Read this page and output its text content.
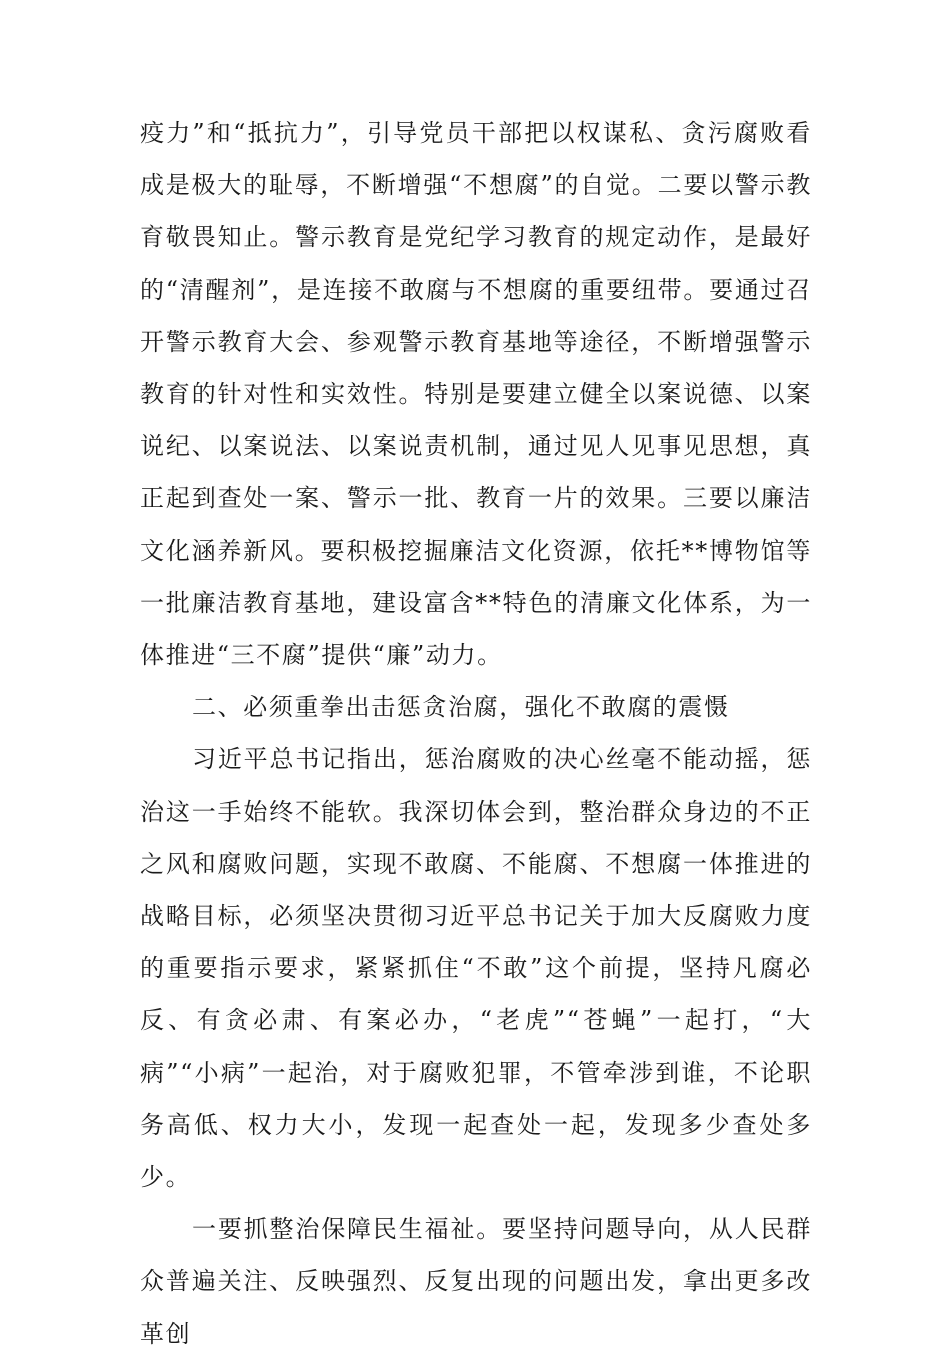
疫力”和“抵抗力”，引导党员干部把以权谋私、贪污腐败看成是极大的耻辱，不断增强“不想腐”的自觉。二要以警示教育敬畏知止。警示教育是党纪学习教育的规定动作，是最好的“清醒剂”，是连接不敢腐与不想腐的重要纽带。要通过召开警示教育大会、参观警示教育基地等途径，不断增强警示教育的针对性和实效性。特别是要建立健全以案说德、以案说纪、以案说法、以案说责机制，通过见人见事见思想，真正起到查处一案、警示一批、教育一片的效果。三要以廉洁文化涵养新风。要积极挖掘廉洁文化资源，依托**博物馆等一批廉洁教育基地，建设富含**特色的清廉文化体系，为一体推进“三不腐”提供“廉”动力。

二、必须重拳出击惩贪治腐，强化不敢腐的震慑

习近平总书记指出，惩治腐败的决心丝毫不能动摇，惩治这一手始终不能软。我深切体会到，整治群众身边的不正之风和腐败问题，实现不敢腐、不能腐、不想腐一体推进的战略目标，必须坚决贯彻习近平总书记关于加大反腐败力度的重要指示要求，紧紧抓住“不敢”这个前提，坚持凡腐必反、有贪必肃、有案必办，“老虎”“苍蝇”一起打，“大病”“小病”一起治，对于腐败犯罪，不管牵涉到谁，不论职务高低、权力大小，发现一起查处一起，发现多少查处多少。

一要抓整治保障民生福祉。要坚持问题导向，从人民群众普遍关注、反映强烈、反复出现的问题出发，拿出更多改革创
